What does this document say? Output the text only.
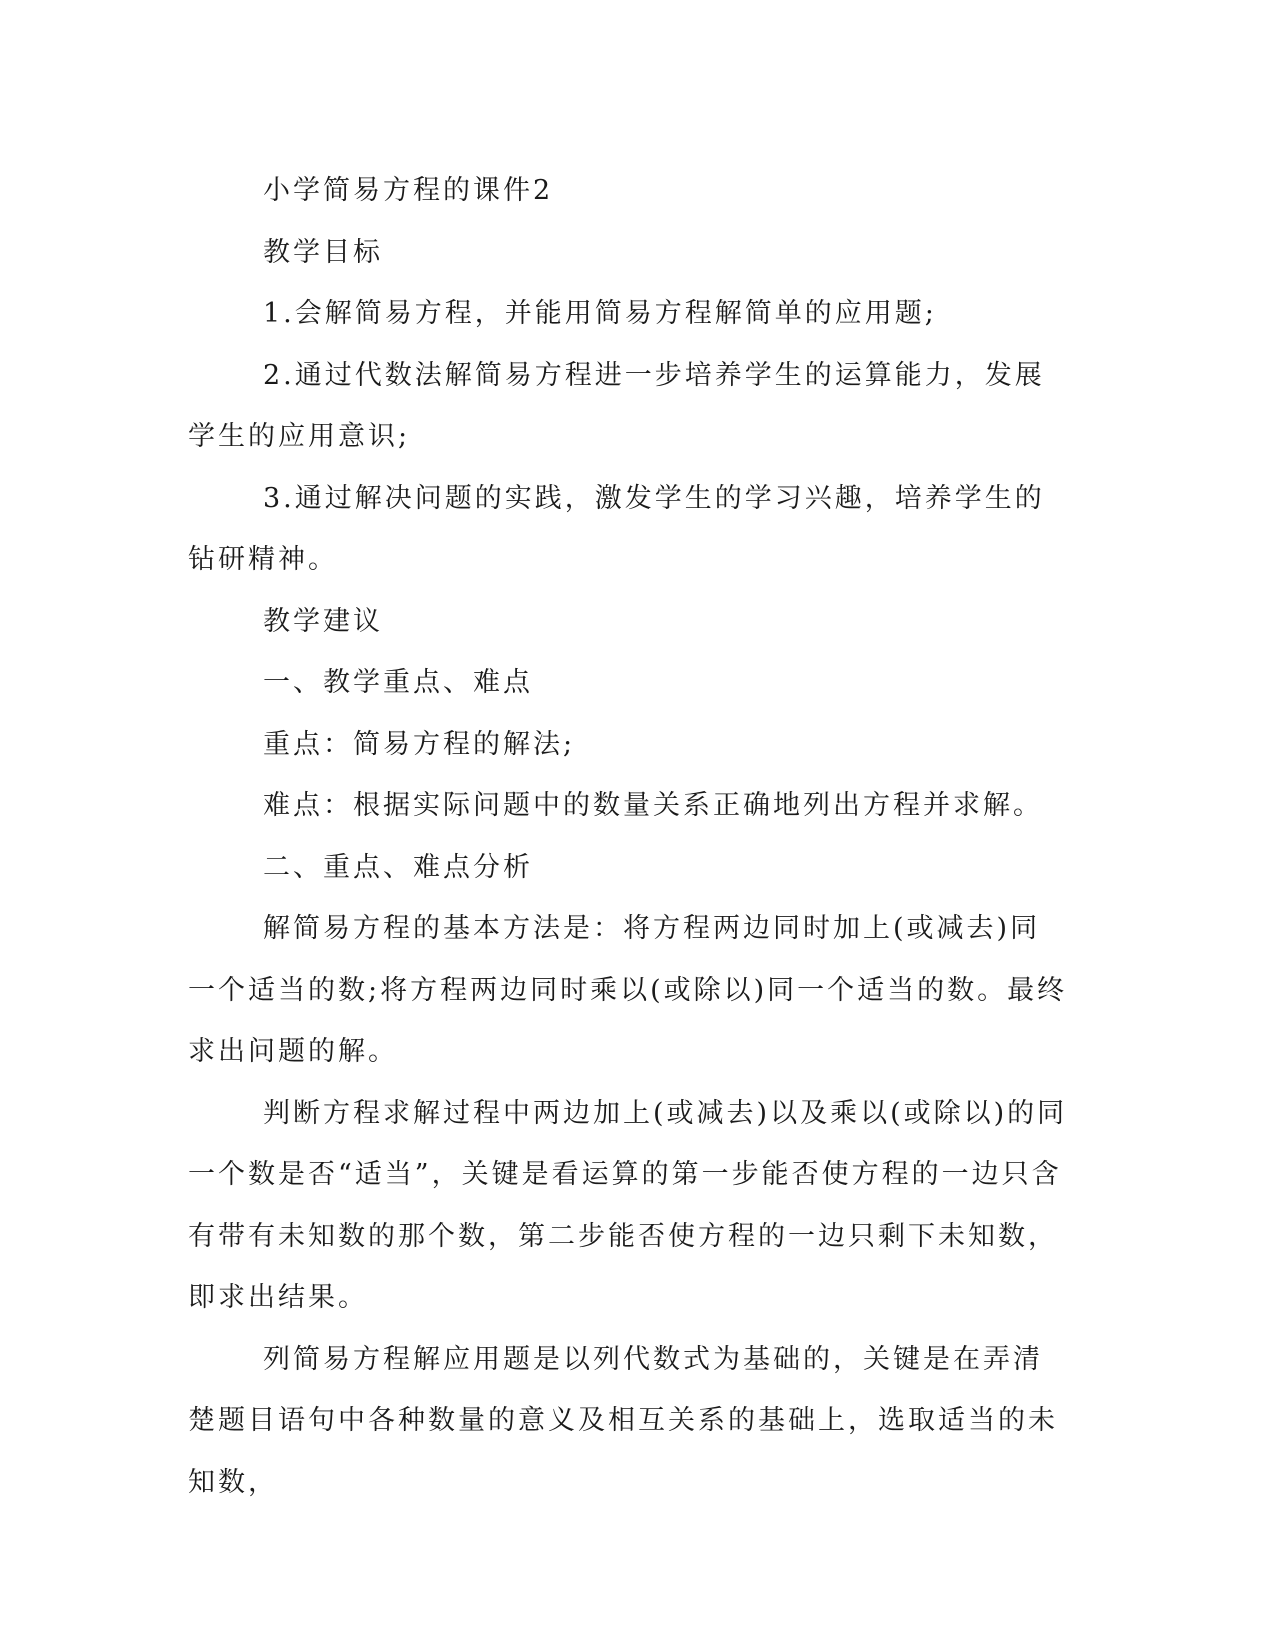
小学简易方程的课件2

教学目标

1.会解简易方程，并能用简易方程解简单的应用题;

2.通过代数法解简易方程进一步培养学生的运算能力，发展学生的应用意识;

3.通过解决问题的实践，激发学生的学习兴趣，培养学生的钻研精神。

教学建议

一、教学重点、难点

重点：简易方程的解法;

难点：根据实际问题中的数量关系正确地列出方程并求解。

二、重点、难点分析

解简易方程的基本方法是：将方程两边同时加上(或减去)同一个适当的数;将方程两边同时乘以(或除以)同一个适当的数。最终求出问题的解。

判断方程求解过程中两边加上(或减去)以及乘以(或除以)的同一个数是否“适当”，关键是看运算的第一步能否使方程的一边只含有带有未知数的那个数，第二步能否使方程的一边只剩下未知数，即求出结果。

列简易方程解应用题是以列代数式为基础的，关键是在弄清楚题目语句中各种数量的意义及相互关系的基础上，选取适当的未知数，
